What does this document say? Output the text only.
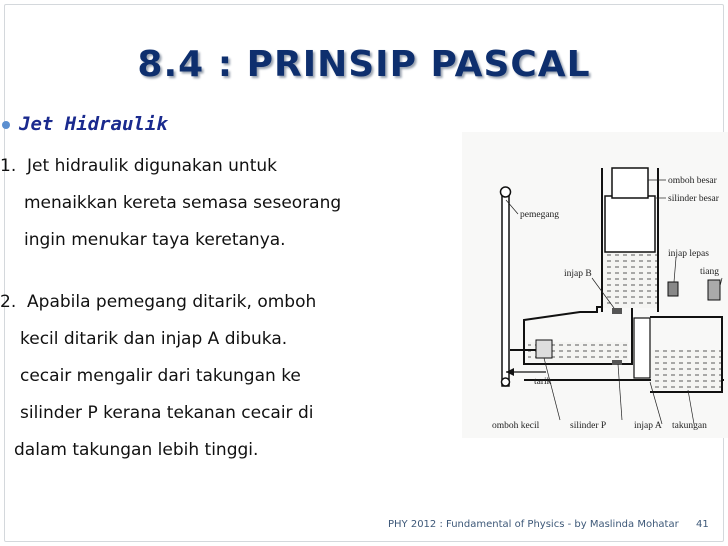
8.4 : PRINSIP PASCAL
Jet Hidraulik
1.  Jet hidraulik digunakan untuk
menaikkan kereta semasa seseorang
ingin menukar taya keretanya.
2.  Apabila pemegang ditarik, omboh
kecil ditarik dan injap A dibuka.
cecair mengalir dari takungan ke
silinder P kerana tekanan cecair di
dalam takungan lebih tinggi.
omboh besar
silinder besar
pemegang
injap lepas
injap B	tiang
tarik
omboh kecil	silinder P	injap A takungan
PHY 2012 : Fundamental of Physics - by Maslinda Mohatar 41
